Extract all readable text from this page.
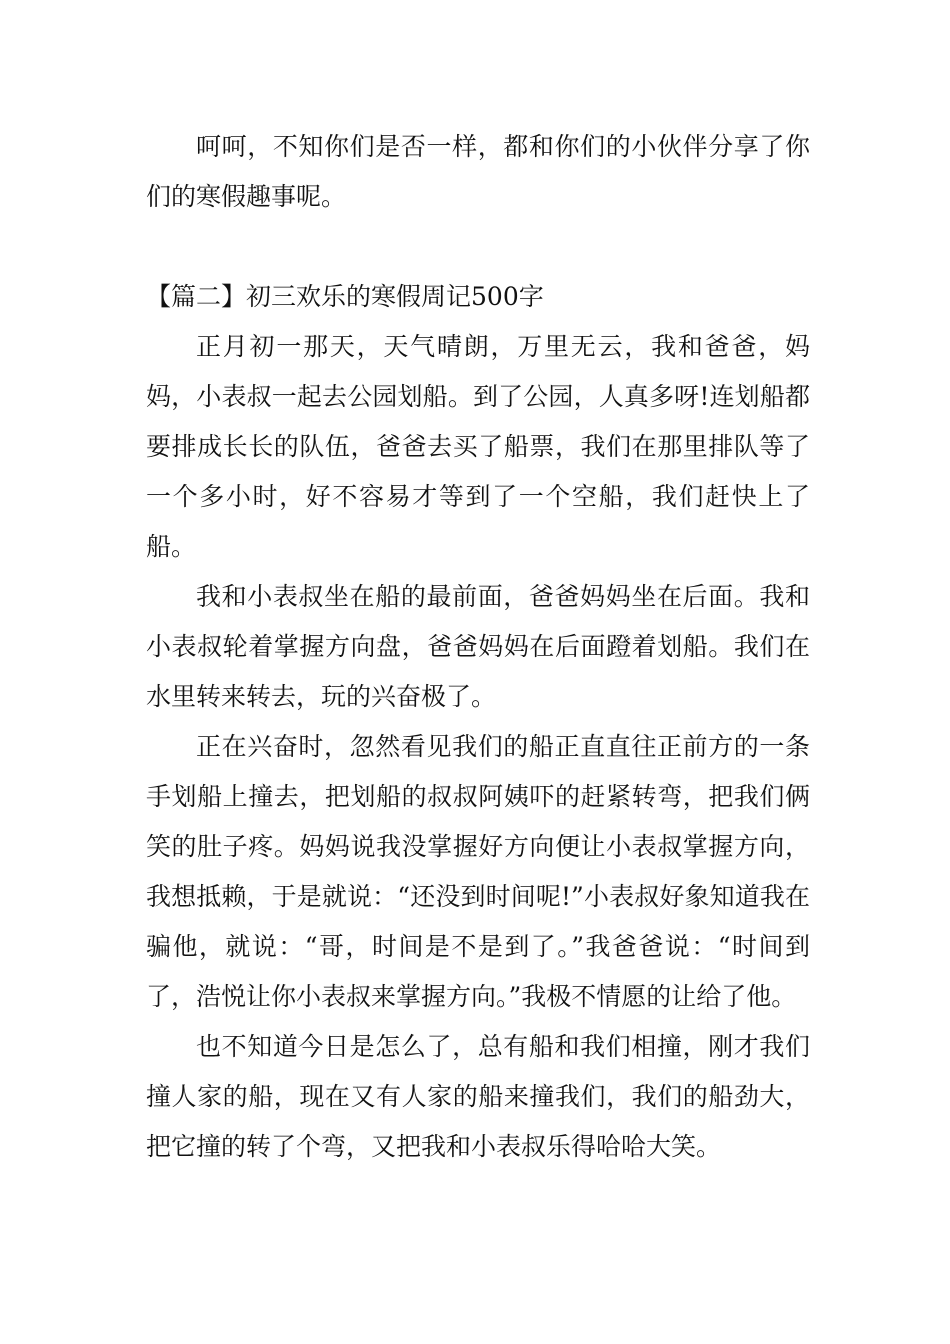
呵呵，不知你们是否一样，都和你们的小伙伴分享了你们的寒假趣事呢。

【篇二】初三欢乐的寒假周记500字

正月初一那天，天气晴朗，万里无云，我和爸爸，妈妈，小表叔一起去公园划船。到了公园，人真多呀!连划船都要排成长长的队伍，爸爸去买了船票，我们在那里排队等了一个多小时，好不容易才等到了一个空船，我们赶快上了船。

我和小表叔坐在船的最前面，爸爸妈妈坐在后面。我和小表叔轮着掌握方向盘，爸爸妈妈在后面蹬着划船。我们在水里转来转去，玩的兴奋极了。

正在兴奋时，忽然看见我们的船正直直往正前方的一条手划船上撞去，把划船的叔叔阿姨吓的赶紧转弯，把我们俩笑的肚子疼。妈妈说我没掌握好方向便让小表叔掌握方向，我想抵赖，于是就说：“还没到时间呢!”小表叔好象知道我在骗他，就说：“哥，时间是不是到了。”我爸爸说：“时间到了，浩悦让你小表叔来掌握方向。”我极不情愿的让给了他。

也不知道今日是怎么了，总有船和我们相撞，刚才我们撞人家的船，现在又有人家的船来撞我们，我们的船劲大，把它撞的转了个弯，又把我和小表叔乐得哈哈大笑。
